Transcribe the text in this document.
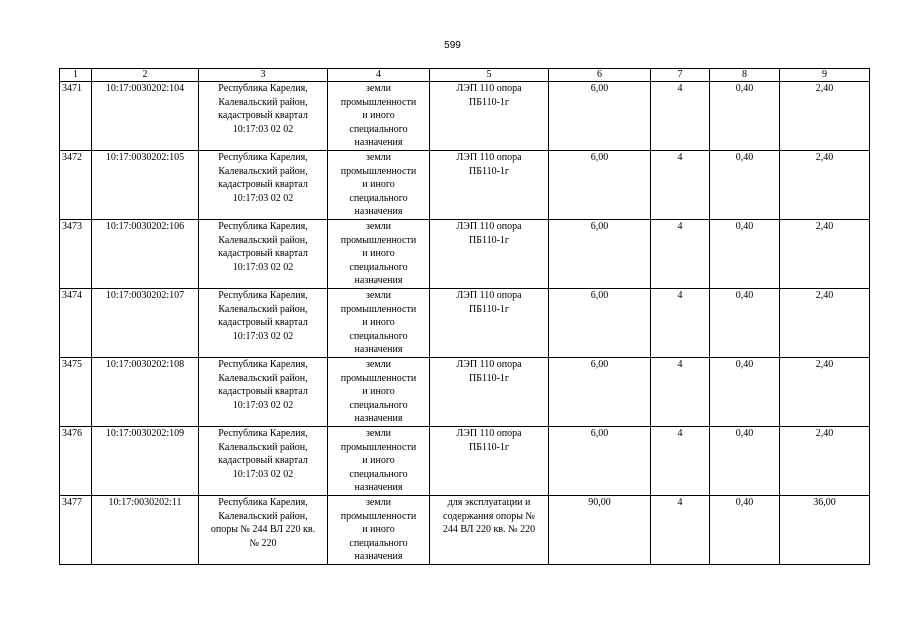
599
1	2	3	4	5	6	7	8	9
3471	10:17:0030202:104	Республика Карелия,
Калевальский район,
кадастровый квартал
10:17:03 02 02	земли
промышленности
и иного
специального
назначения	ЛЭП 110 опора
ПБ110-1г	6,00	4	0,40	2,40
3472	10:17:0030202:105	Республика Карелия,
Калевальский район,
кадастровый квартал
10:17:03 02 02	земли
промышленности
и иного
специального
назначения	ЛЭП 110 опора
ПБ110-1г	6,00	4	0,40	2,40
3473	10:17:0030202:106	Республика Карелия,
Калевальский район,
кадастровый квартал
10:17:03 02 02	земли
промышленности
и иного
специального
назначения	ЛЭП 110 опора
ПБ110-1г	6,00	4	0,40	2,40
3474	10:17:0030202:107	Республика Карелия,
Калевальский район,
кадастровый квартал
10:17:03 02 02	земли
промышленности
и иного
специального
назначения	ЛЭП 110 опора
ПБ110-1г	6,00	4	0,40	2,40
3475	10:17:0030202:108	Республика Карелия,
Калевальский район,
кадастровый квартал
10:17:03 02 02	земли
промышленности
и иного
специального
назначения	ЛЭП 110 опора
ПБ110-1г	6,00	4	0,40	2,40
3476	10:17:0030202:109	Республика Карелия,
Калевальский район,
кадастровый квартал
10:17:03 02 02	земли
промышленности
и иного
специального
назначения	ЛЭП 110 опора
ПБ110-1г	6,00	4	0,40	2,40
3477	10:17:0030202:11	Республика Карелия,
Калевальский район,
опоры № 244 ВЛ 220 кв.
№ 220	земли
промышленности
и иного
специального
назначения	для эксплуатации и
содержания опоры №
244 ВЛ 220 кв. № 220	90,00	4	0,40	36,00
